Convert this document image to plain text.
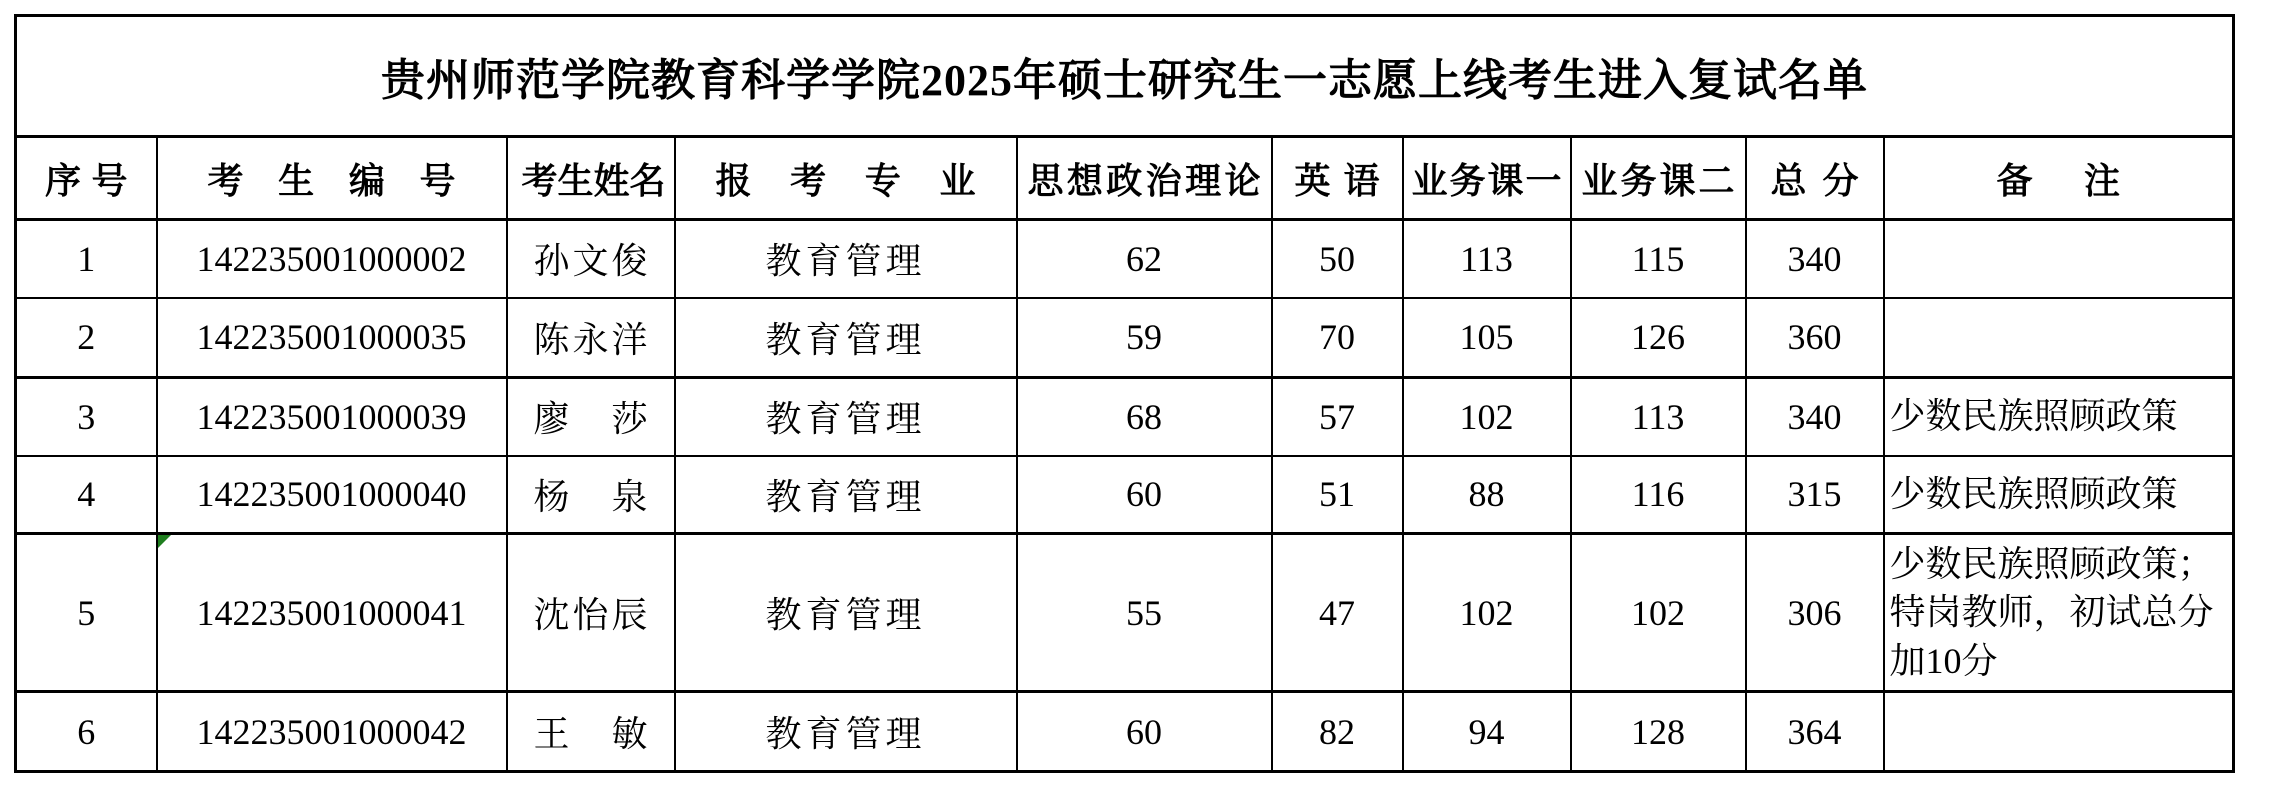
贵州师范学院教育科学学院2025年硕士研究生一志愿上线考生进入复试名单									
序号	考生编号	考生姓名	报考专业	思想政治理论	英语	业务课一	业务课二	总分	备注
1	142235001000002	孙文俊	教育管理	62	50	113	115	340	
2	142235001000035	陈永洋	教育管理	59	70	105	126	360	
3	142235001000039	廖莎	教育管理	68	57	102	113	340	少数民族照顾政策
4	142235001000040	杨泉	教育管理	60	51	88	116	315	少数民族照顾政策
5	142235001000041	沈怡辰	教育管理	55	47	102	102	306	少数民族照顾政策；特岗教师，初试总分加10分
6	142235001000042	王敏	教育管理	60	82	94	128	364	
